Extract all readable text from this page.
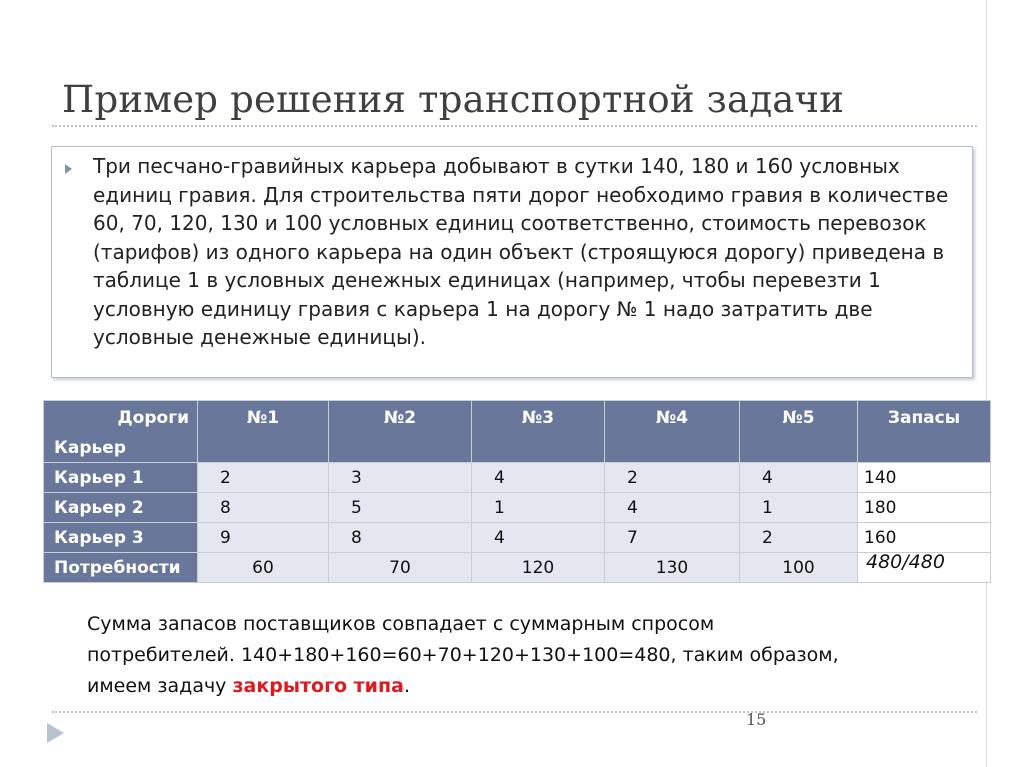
Пример решения транспортной задачи
Три песчано-гравийных карьера добывают в сутки 140, 180 и 160 условных единиц гравия. Для строительства пяти дорог необходимо гравия в количестве 60, 70, 120, 130 и 100 условных единиц соответственно, стоимость перевозок (тарифов) из одного карьера на один объект (строящуюся дорогу) приведена в таблице 1 в условных денежных единицах (например, чтобы перевезти 1 условную единицу гравия с карьера 1 на дорогу № 1 надо затратить две условные денежные единицы).
Дороги
Карьер	№1	№2	№3	№4	№5	Запасы
Карьер 1	2	3	4	2	4	140
Карьер 2	8	5	1	4	1	180
Карьер 3	9	8	4	7	2	160
Потребности	60	70	120	130	100	480/480
Сумма запасов поставщиков совпадает с суммарным спросом
потребителей. 140+180+160=60+70+120+130+100=480, таким образом,
имеем задачу закрытого типа.
15
